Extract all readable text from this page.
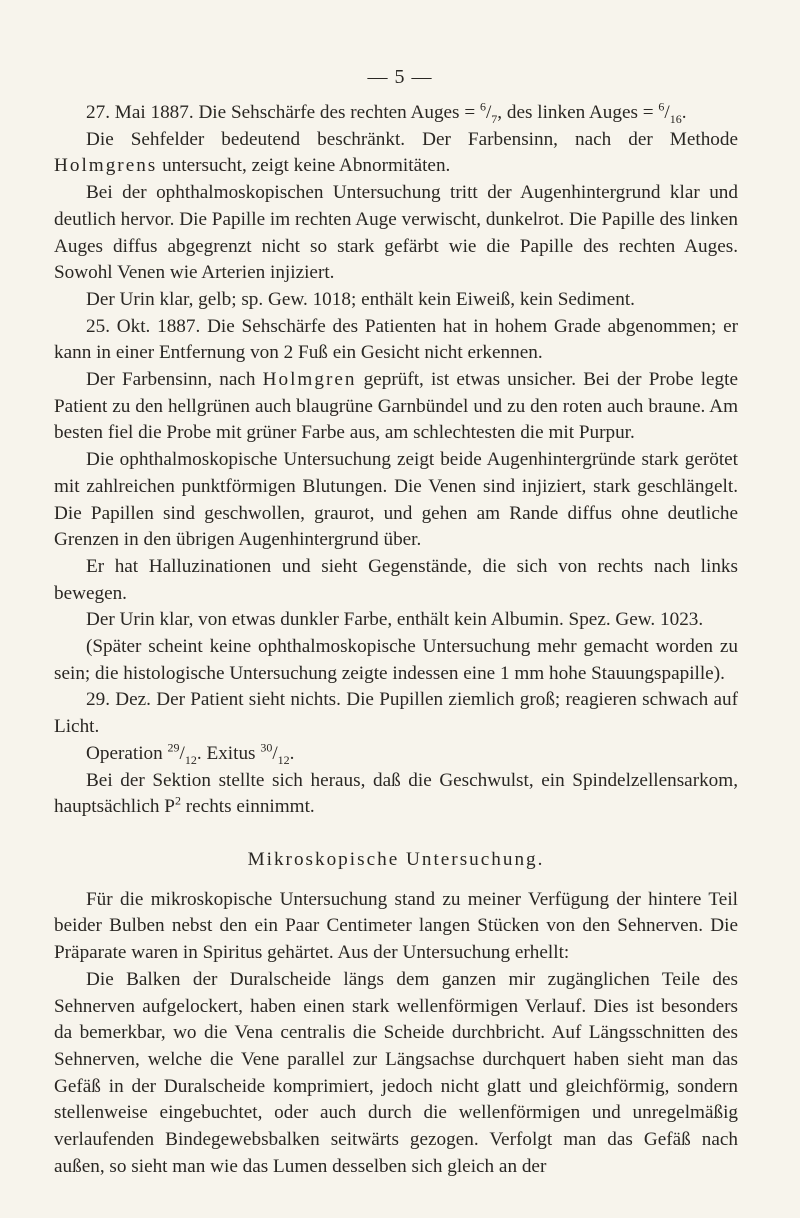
— 5 —

27. Mai 1887. Die Sehschärfe des rechten Auges = $^6/_7$, des linken Auges = $^6/_{16}$.

Die Sehfelder bedeutend beschränkt. Der Farbensinn, nach der Methode Holmgrens untersucht, zeigt keine Abnormitäten.

Bei der ophthalmoskopischen Untersuchung tritt der Augenhintergrund klar und deutlich hervor. Die Papille im rechten Auge verwischt, dunkelrot. Die Papille des linken Auges diffus abgegrenzt nicht so stark gefärbt wie die Papille des rechten Auges. Sowohl Venen wie Arterien injiziert.

Der Urin klar, gelb; sp. Gew. 1018; enthält kein Eiweiß, kein Sediment.

25. Okt. 1887. Die Sehschärfe des Patienten hat in hohem Grade abgenommen; er kann in einer Entfernung von 2 Fuß ein Gesicht nicht erkennen.

Der Farbensinn, nach Holmgren geprüft, ist etwas unsicher. Bei der Probe legte Patient zu den hellgrünen auch blaugrüne Garnbündel und zu den roten auch braune. Am besten fiel die Probe mit grüner Farbe aus, am schlechtesten die mit Purpur.

Die ophthalmoskopische Untersuchung zeigt beide Augenhintergründe stark gerötet mit zahlreichen punktförmigen Blutungen. Die Venen sind injiziert, stark geschlängelt. Die Papillen sind geschwollen, graurot, und gehen am Rande diffus ohne deutliche Grenzen in den übrigen Augenhintergrund über.

Er hat Halluzinationen und sieht Gegenstände, die sich von rechts nach links bewegen.

Der Urin klar, von etwas dunkler Farbe, enthält kein Albumin. Spez. Gew. 1023.

(Später scheint keine ophthalmoskopische Untersuchung mehr gemacht worden zu sein; die histologische Untersuchung zeigte indessen eine 1 mm hohe Stauungspapille).

29. Dez. Der Patient sieht nichts. Die Pupillen ziemlich groß; reagieren schwach auf Licht.

Operation $^{29}/_{12}$. Exitus $^{30}/_{12}$.

Bei der Sektion stellte sich heraus, daß die Geschwulst, ein Spindelzellensarkom, hauptsächlich $P^2$ rechts einnimmt.

Mikroskopische Untersuchung.

Für die mikroskopische Untersuchung stand zu meiner Verfügung der hintere Teil beider Bulben nebst den ein Paar Centimeter langen Stücken von den Sehnerven. Die Präparate waren in Spiritus gehärtet. Aus der Untersuchung erhellt:

Die Balken der Duralscheide längs dem ganzen mir zugänglichen Teile des Sehnerven aufgelockert, haben einen stark wellenförmigen Verlauf. Dies ist besonders da bemerkbar, wo die Vena centralis die Scheide durchbricht. Auf Längsschnitten des Sehnerven, welche die Vene parallel zur Längsachse durchquert haben sieht man das Gefäß in der Duralscheide komprimiert, jedoch nicht glatt und gleichförmig, sondern stellenweise eingebuchtet, oder auch durch die wellenförmigen und unregelmäßig verlaufenden Bindegewebsbalken seitwärts gezogen. Verfolgt man das Gefäß nach außen, so sieht man wie das Lumen desselben sich gleich an der
